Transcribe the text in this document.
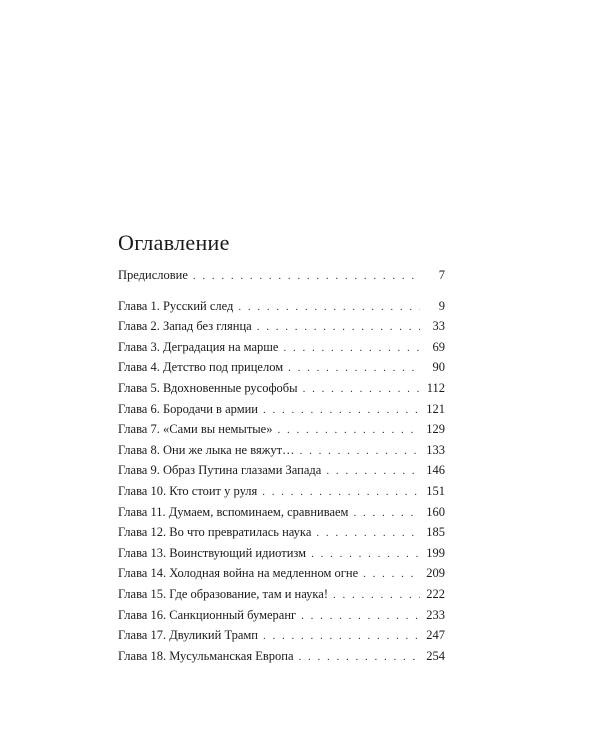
Оглавление
Предисловие . . .	7
Глава 1. Русский след . . .	9
Глава 2. Запад без глянца . . .	33
Глава 3. Деградация на марше . . .	69
Глава 4. Детство под прицелом . . .	90
Глава 5. Вдохновенные русофобы . . .	112
Глава 6. Бородачи в армии . . .	121
Глава 7. «Сами вы немытые» . . .	129
Глава 8. Они же лыка не вяжут… . . .	133
Глава 9. Образ Путина глазами Запада . . .	146
Глава 10. Кто стоит у руля . . .	151
Глава 11. Думаем, вспоминаем, сравниваем . . .	160
Глава 12. Во что превратилась наука . . .	185
Глава 13. Воинствующий идиотизм . . .	199
Глава 14. Холодная война на медленном огне . . .	209
Глава 15. Где образование, там и наука! . . .	222
Глава 16. Санкционный бумеранг . . .	233
Глава 17. Двуликий Трамп . . .	247
Глава 18. Мусульманская Европа . . .	254
